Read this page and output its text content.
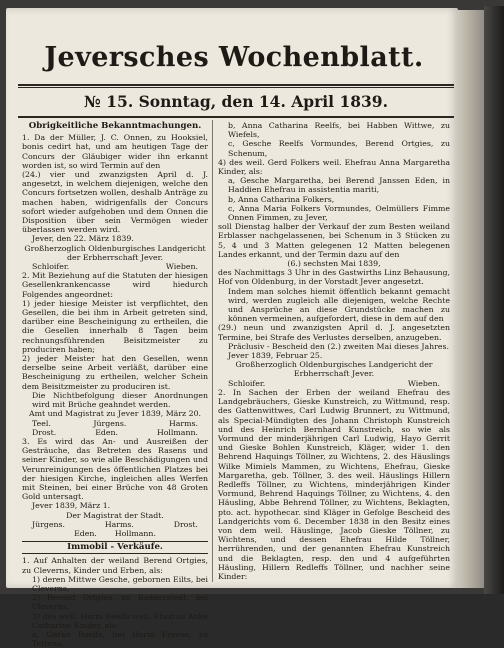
Jeversches Wochenblatt.
№ 15. Sonntag, den 14. April 1839.
Obrigkeitliche Bekanntmachungen.
1. Da der Müller, J. C. Onnen, zu Hooksiel, bonis cedirt hat, und am heutigen Tage der Concurs der Gläubiger wider ihn erkannt worden ist, so wird Termin auf den
(24.) vier und zwanzigsten April d. J. angesetzt, in welchem diejenigen, welche den Concurs fortsetzen wollen, deshalb Anträge zu machen haben, widrigenfalls der Concurs sofort wieder aufgehoben und dem Onnen die Disposition über sein Vermögen wieder überlassen werden wird.
Jever, den 22. März 1839.
Großherzoglich Oldenburgisches Landgericht der Erbherrschaft Jever.
Schloifer.	Wieben.
2. Mit Beziehung auf die Statuten der hiesigen Gesellenkrankencasse wird hiedurch Folgendes angeordnet:
1) jeder hiesige Meister ist verpflichtet, den Gesellen, die bei ihm in Arbeit getreten sind, darüber eine Bescheinigung zu ertheilen, die die Gesellen innerhalb 8 Tagen beim rechnungsführenden Beisitzmeister zu produciren haben;
2) jeder Meister hat den Gesellen, wenn derselbe seine Arbeit verläßt, darüber eine Bescheinigung zu ertheilen, welcher Schein dem Beisitzmeister zu produciren ist.
Die Nichtbefolgung dieser Anordnungen wird mit Brüche geahndet werden.
Amt und Magistrat zu Jever 1839, März 20.
Teel.	Jürgens.	Harms.
Drost.	Eden.	Hollmann.
3. Es wird das An- und Ausreißen der Gesträuche, das Betreten des Rasens und seiner Kinder, so wie alle Beschädigungen und Verunreinigungen des öffentlichen Platzes bei der hiesigen Kirche, ingleichen alles Werfen mit Steinen, bei einer Brüche von 48 Groten Gold untersagt.
Jever 1839, März 1.
Der Magistrat der Stadt.
Jürgens.	Harms.	Drost.
Eden. Hollmann.
Immobil - Verkäufe.
1. Auf Anhalten der weiland Berend Ortgies, zu Cleverns, Kinder und Erben, als:
1) deren Mittwe Gesche, gebornen Eilts, bei Cleverns,
2) Berend Ortgies, zu Badderstedt, bei Cleverns,
3) des weil. Harm Reelfs weil. Ehefrau Anke Catharine Kinder, als:
a, Gerke Reelfs, bei Harm Freese, zu Tettens,
b, Anna Catharina Reelfs, bei Habben Wittwe, zu Wiefels,
c, Gesche Reelfs Vormundes, Berend Ortgies, zu Schenum,
4) des weil. Gerd Folkers weil. Ehefrau Anna Margaretha Kinder, als:
a, Gesche Margaretha, bei Berend Janssen Eden, in Haddien Ehefrau in assistentia mariti,
b, Anna Catharina Folkers,
c, Anna Maria Folkers Vormundes, Oelmüllers Fimme Onnen Fimmen, zu Jever,
soll Dienstag halber der Verkauf der zum Besten weiland Erblasser nachgelassenen, bei Schenum in 3 Stücken zu 5, 4 und 3 Matten gelegenen 12 Matten belegenen Landes erkannt, und der Termin dazu auf den
(6.) sechsten Mai 1839,
des Nachmittags 3 Uhr in des Gastwirths Linz Behausung, Hof von Oldenburg, in der Vorstadt Jever angesetzt.
Indem man solches hiemit öffentlich bekannt gemacht wird, werden zugleich alle diejenigen, welche Rechte und Ansprüche an diese Grundstücke machen zu können vermeinen, aufgefordert, diese in dem auf den
(29.) neun und zwanzigsten April d. J. angesetzten Termine, bei Strafe des Verlustes derselben, anzugeben.
Präclusiv - Bescheid den (2.) zweiten Mai dieses Jahres.
Jever 1839, Februar 25.
Großherzoglich Oldenburgisches Landgericht der Erbherrschaft Jever.
Schloifer.	Wieben.
2. In Sachen der Erben der weiland Ehefrau des Landgebräuchers, Gieske Kunstreich, zu Wittmund, resp. des Gattenwittwes, Carl Ludwig Brunnert, zu Wittmund, als Special-Mündigten des Johann Christoph Kunstreich und des Heinrich Bernhard Kunstreich, so wie als Vormund der minderjährigen Carl Ludwig, Hayo Gerrit und Gieske Bohlen Kunstreich, Kläger, wider 1. den Behrend Haquings Töllner, zu Wichtens, 2. des Häuslings Wilke Mimiels Mammen, zu Wichtens, Ehefrau, Gieske Margaretha, geb. Töllner, 3. des weil. Häuslings Hillern Redleffs Töllner, zu Wichtens, minderjährigen Kinder Vormund, Behrend Haquings Töllner, zu Wichtens, 4. den Häusling, Abbe Behrend Töllner, zu Wichtens, Beklagten, pto. act. hypothecar. sind Kläger in Gefolge Bescheid des Landgerichts vom 6. December 1838 in den Besitz eines von dem weil. Häuslinge, Jacob Gieske Töllner, zu Wichtens, und dessen Ehefrau Hilde Töllner, herrührenden, und der genannten Ehefrau Kunstreich und die Beklagten, resp. den und 4 aufgeführten Häusling, Hillern Redleffs Töllner, und nachher seine Kinder:
